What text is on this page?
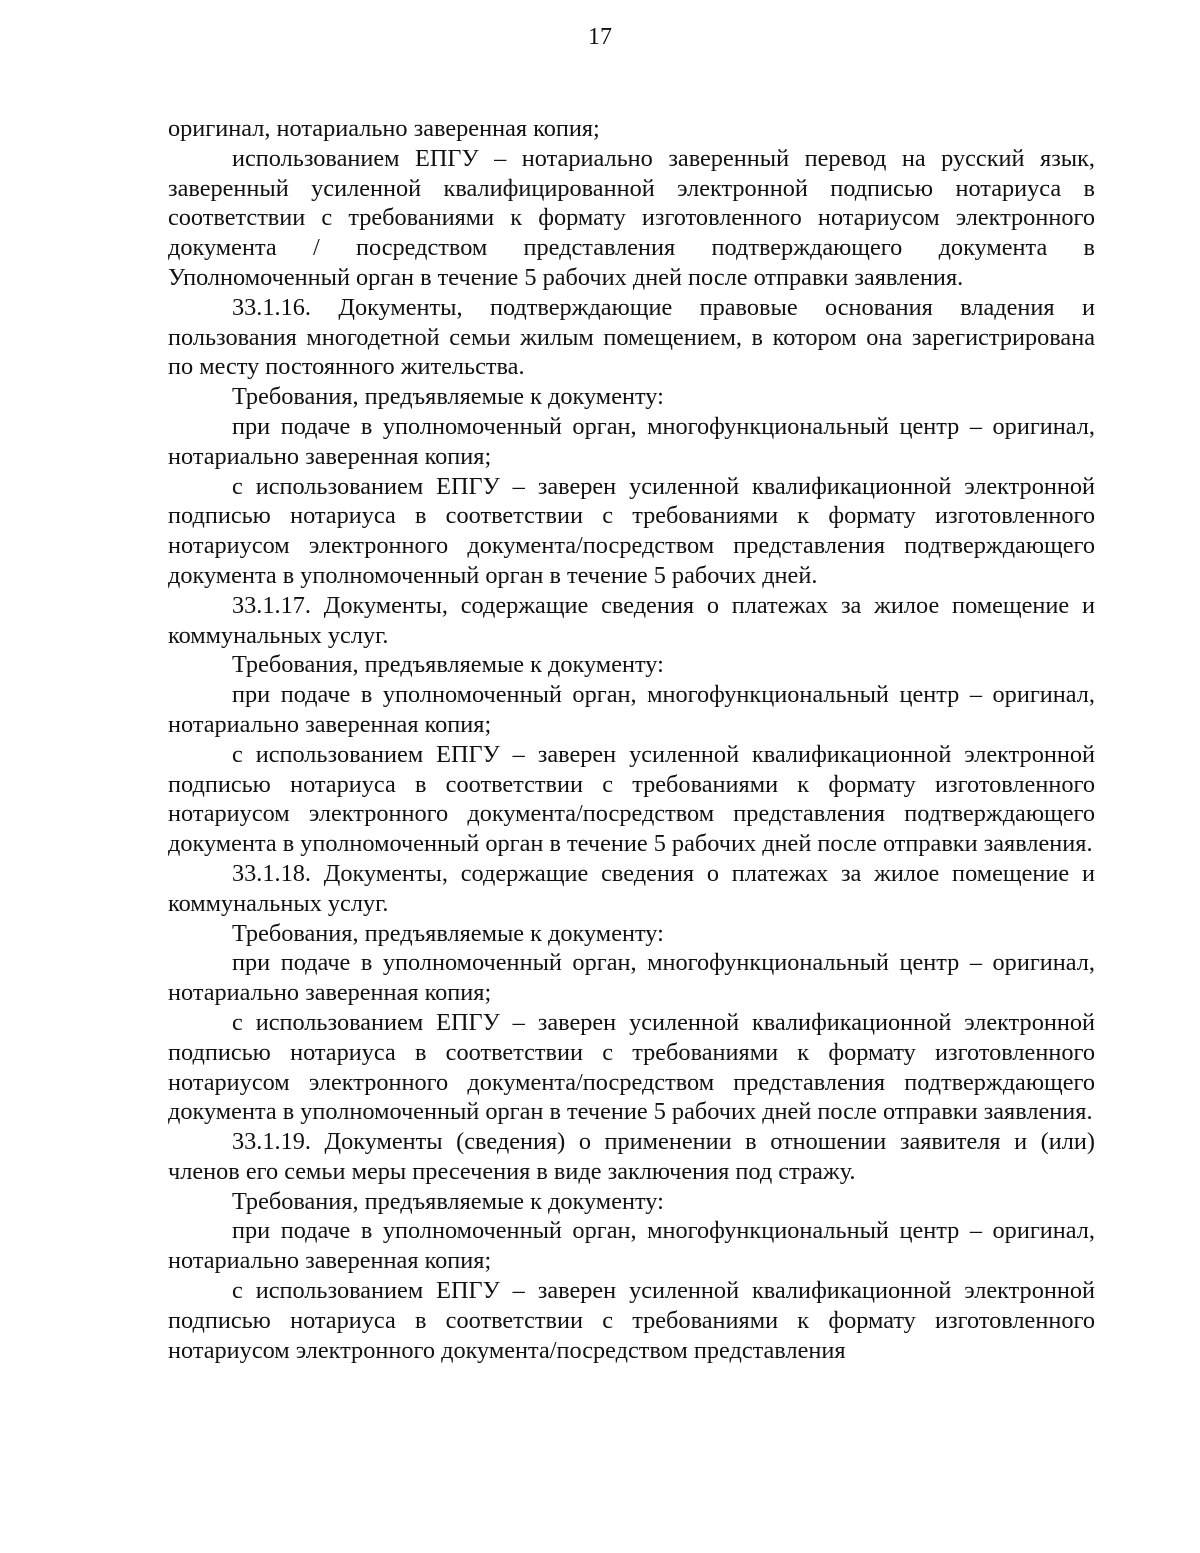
17

оригинал, нотариально заверенная копия;

использованием ЕПГУ – нотариально заверенный перевод на русский язык, заверенный усиленной квалифицированной электронной подписью нотариуса в соответствии с требованиями к формату изготовленного нотариусом электронного документа / посредством представления подтверждающего документа в Уполномоченный орган в течение 5 рабочих дней после отправки заявления.

33.1.16. Документы, подтверждающие правовые основания владения и пользования многодетной семьи жилым помещением, в котором она зарегистрирована по месту постоянного жительства.

Требования, предъявляемые к документу:

при подаче в уполномоченный орган, многофункциональный центр – оригинал, нотариально заверенная копия;

с использованием ЕПГУ – заверен усиленной квалификационной электронной подписью нотариуса в соответствии с требованиями к формату изготовленного нотариусом электронного документа/посредством представления подтверждающего документа в уполномоченный орган в течение 5 рабочих дней.

33.1.17. Документы, содержащие сведения о платежах за жилое помещение и коммунальных услуг.

Требования, предъявляемые к документу:

при подаче в уполномоченный орган, многофункциональный центр – оригинал, нотариально заверенная копия;

с использованием ЕПГУ – заверен усиленной квалификационной электронной подписью нотариуса в соответствии с требованиями к формату изготовленного нотариусом электронного документа/посредством представления подтверждающего документа в уполномоченный орган в течение 5 рабочих дней после отправки заявления.

33.1.18. Документы, содержащие сведения о платежах за жилое помещение и коммунальных услуг.

Требования, предъявляемые к документу:

при подаче в уполномоченный орган, многофункциональный центр – оригинал, нотариально заверенная копия;

с использованием ЕПГУ – заверен усиленной квалификационной электронной подписью нотариуса в соответствии с требованиями к формату изготовленного нотариусом электронного документа/посредством представления подтверждающего документа в уполномоченный орган в течение 5 рабочих дней после отправки заявления.

33.1.19. Документы (сведения) о применении в отношении заявителя и (или) членов его семьи меры пресечения в виде заключения под стражу.

Требования, предъявляемые к документу:

при подаче в уполномоченный орган, многофункциональный центр – оригинал, нотариально заверенная копия;

с использованием ЕПГУ – заверен усиленной квалификационной электронной подписью нотариуса в соответствии с требованиями к формату изготовленного нотариусом электронного документа/посредством представления
